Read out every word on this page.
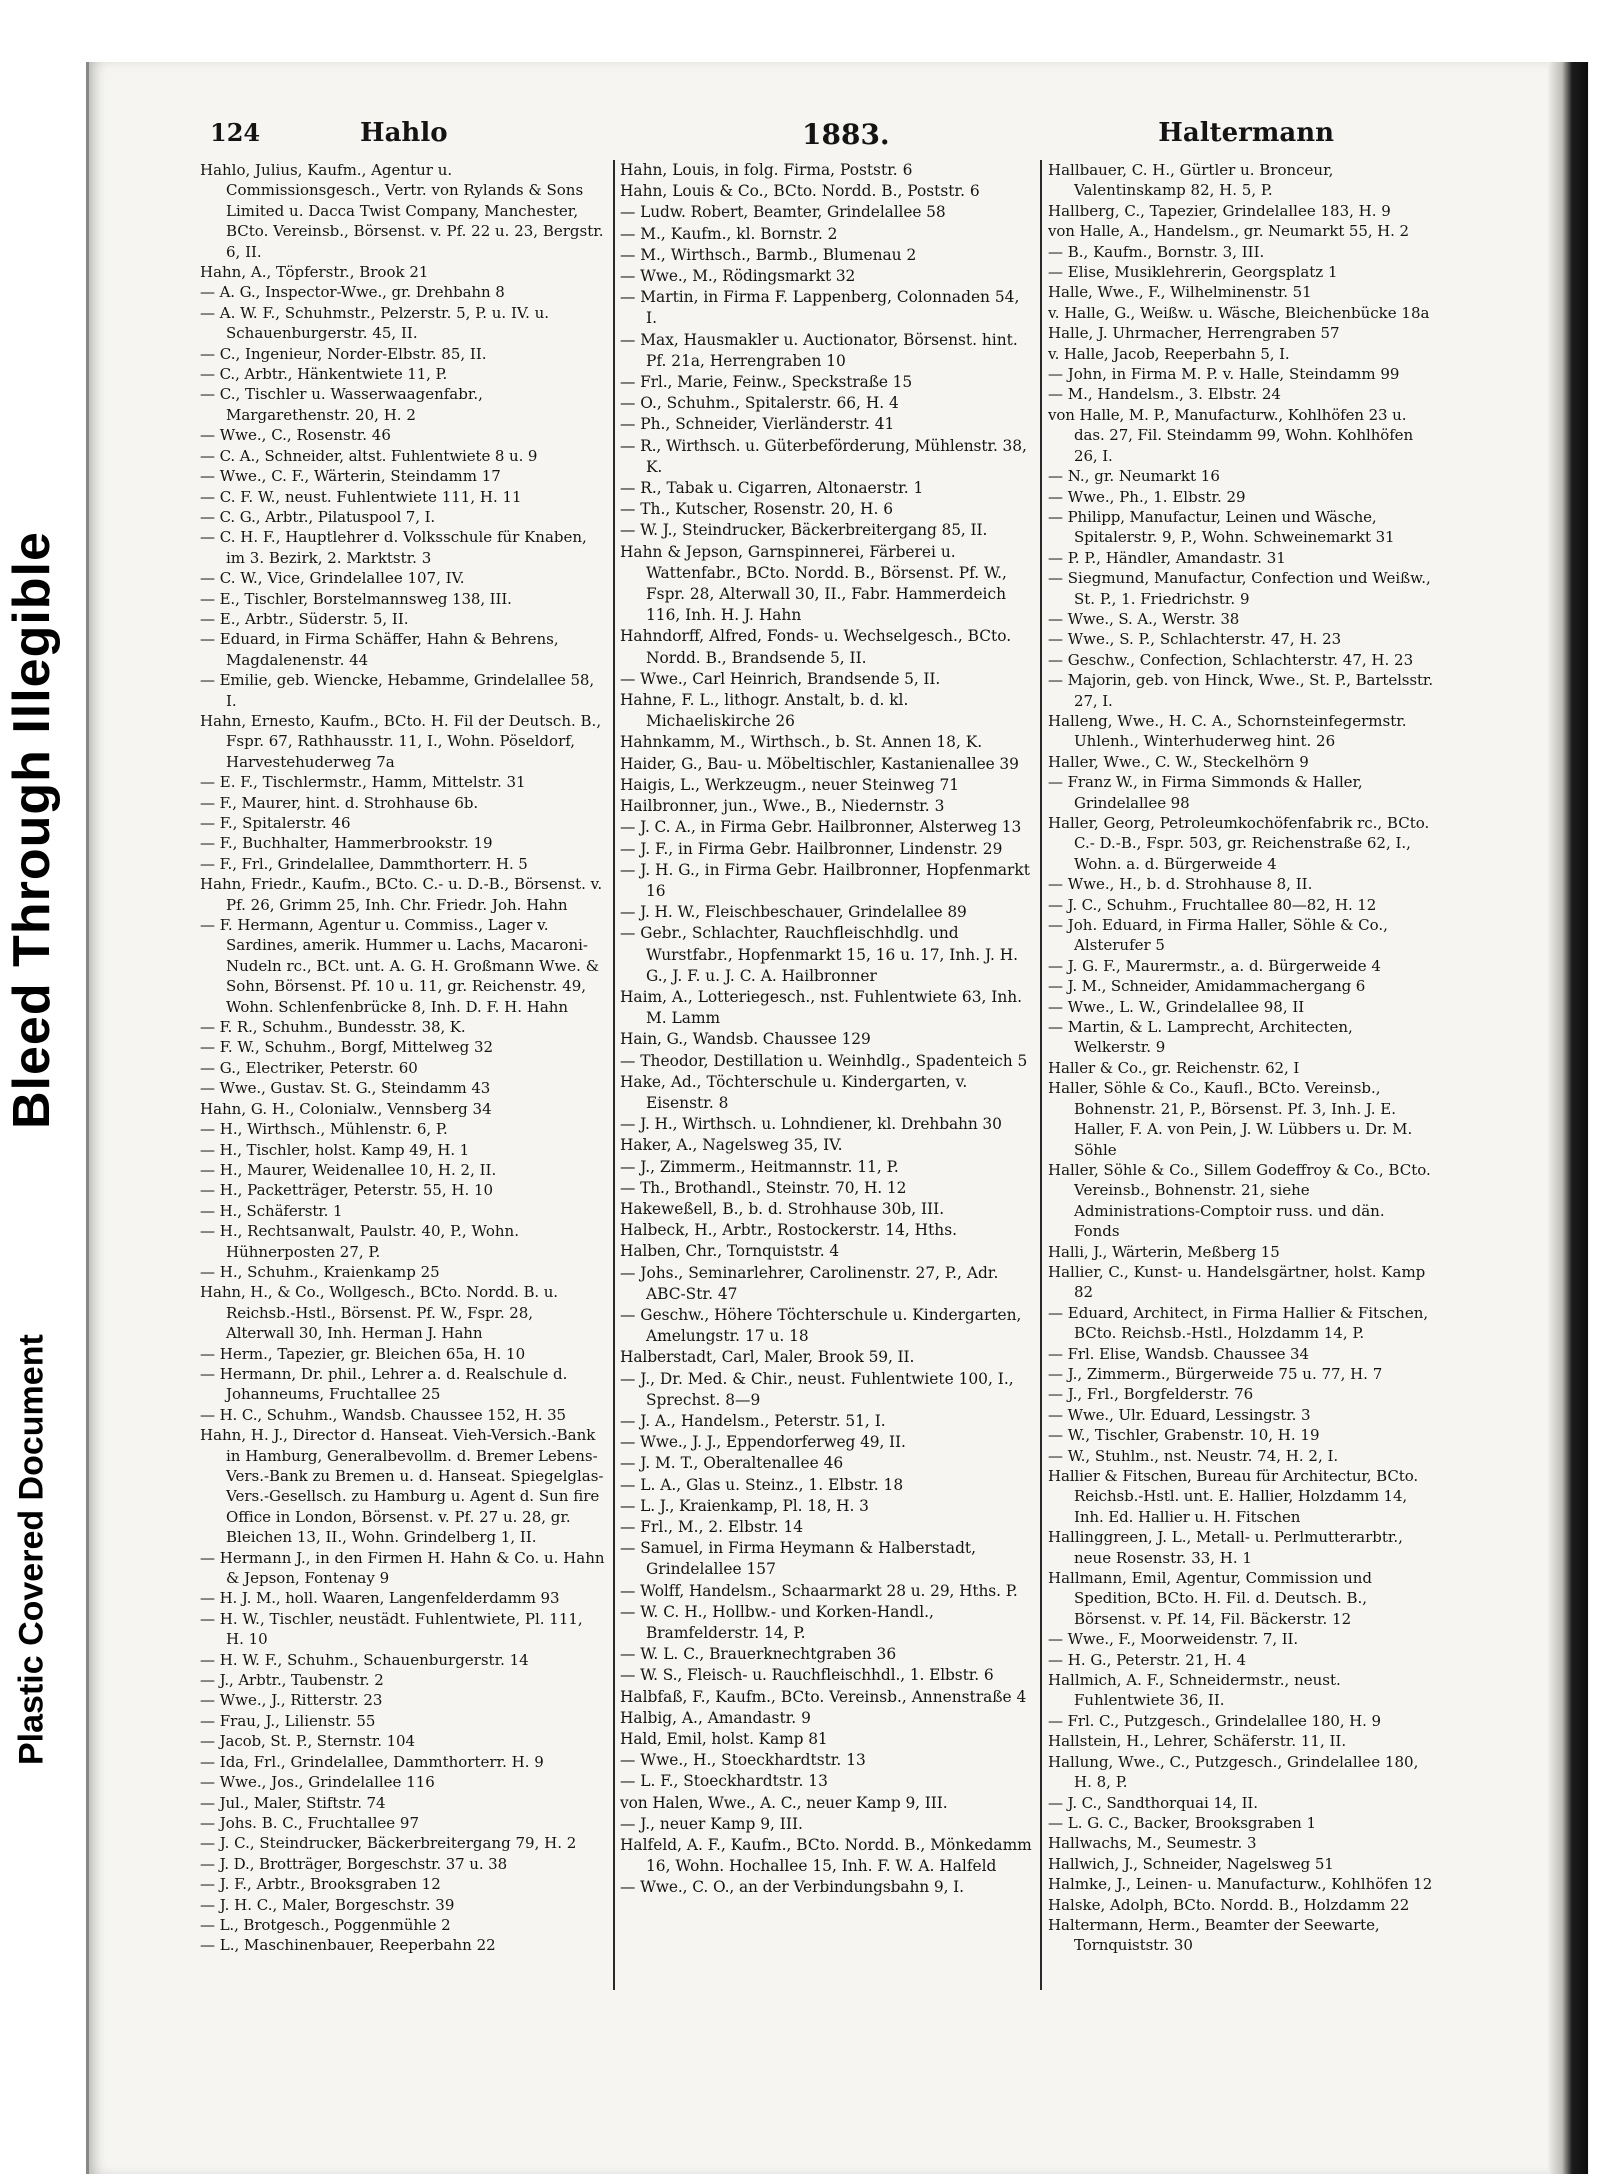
Plastic Covered Document
Bleed Through Illegible
124	Hahlo	1883.	Haltermann
Hahlo, Julius, Kaufm., Agentur u. Commissionsgesch., Vertr. von Rylands & Sons Limited u. Dacca Twist Company, Manchester, BCto. Vereinsb., Börsenst. v. Pf. 22 u. 23, Bergstr. 6, II.
Hahn, A., Töpferstr., Brook 21
— A. G., Inspector-Wwe., gr. Drehbahn 8
— A. W. F., Schuhmstr., Pelzerstr. 5, P. u. IV. u. Schauenburgerstr. 45, II.
— C., Ingenieur, Norder-Elbstr. 85, II.
— C., Arbtr., Hänkentwiete 11, P.
— C., Tischler u. Wasserwaagenfabr., Margarethenstr. 20, H. 2
— Wwe., C., Rosenstr. 46
— C. A., Schneider, altst. Fuhlentwiete 8 u. 9
— Wwe., C. F., Wärterin, Steindamm 17
— C. F. W., neust. Fuhlentwiete 111, H. 11
— C. G., Arbtr., Pilatuspool 7, I.
— C. H. F., Hauptlehrer d. Volksschule für Knaben, im 3. Bezirk, 2. Marktstr. 3
— C. W., Vice, Grindelallee 107, IV.
— E., Tischler, Borstelmannsweg 138, III.
— E., Arbtr., Süderstr. 5, II.
— Eduard, in Firma Schäffer, Hahn & Behrens, Magdalenenstr. 44
— Emilie, geb. Wiencke, Hebamme, Grindelallee 58, I.
Hahn, Ernesto, Kaufm., BCto. H. Fil der Deutsch. B., Fspr. 67, Rathhausstr. 11, I., Wohn. Pöseldorf, Harvestehuderweg 7a
— E. F., Tischlermstr., Hamm, Mittelstr. 31
— F., Maurer, hint. d. Strohhause 6b.
— F., Spitalerstr. 46
— F., Buchhalter, Hammerbrookstr. 19
— F., Frl., Grindelallee, Dammthorterr. H. 5
Hahn, Friedr., Kaufm., BCto. C.- u. D.-B., Börsenst. v. Pf. 26, Grimm 25, Inh. Chr. Friedr. Joh. Hahn
— F. Hermann, Agentur u. Commiss., Lager v. Sardines, amerik. Hummer u. Lachs, Macaroni-Nudeln rc., BCt. unt. A. G. H. Großmann Wwe. & Sohn, Börsenst. Pf. 10 u. 11, gr. Reichenstr. 49, Wohn. Schlenfenbrücke 8, Inh. D. F. H. Hahn
— F. R., Schuhm., Bundesstr. 38, K.
— F. W., Schuhm., Borgf, Mittelweg 32
— G., Electriker, Peterstr. 60
— Wwe., Gustav. St. G., Steindamm 43
Hahn, G. H., Colonialw., Vennsberg 34
— H., Wirthsch., Mühlenstr. 6, P.
— H., Tischler, holst. Kamp 49, H. 1
— H., Maurer, Weidenallee 10, H. 2, II.
— H., Packetträger, Peterstr. 55, H. 10
— H., Schäferstr. 1
— H., Rechtsanwalt, Paulstr. 40, P., Wohn. Hühnerposten 27, P.
— H., Schuhm., Kraienkamp 25
Hahn, H., & Co., Wollgesch., BCto. Nordd. B. u. Reichsb.-Hstl., Börsenst. Pf. W., Fspr. 28, Alterwall 30, Inh. Herman J. Hahn
— Herm., Tapezier, gr. Bleichen 65a, H. 10
— Hermann, Dr. phil., Lehrer a. d. Realschule d. Johanneums, Fruchtallee 25
— H. C., Schuhm., Wandsb. Chaussee 152, H. 35
Hahn, H. J., Director d. Hanseat. Vieh-Versich.-Bank in Hamburg, Generalbevollm. d. Bremer Lebens-Vers.-Bank zu Bremen u. d. Hanseat. Spiegelglas-Vers.-Gesellsch. zu Hamburg u. Agent d. Sun fire Office in London, Börsenst. v. Pf. 27 u. 28, gr. Bleichen 13, II., Wohn. Grindelberg 1, II.
— Hermann J., in den Firmen H. Hahn & Co. u. Hahn & Jepson, Fontenay 9
— H. J. M., holl. Waaren, Langenfelderdamm 93
— H. W., Tischler, neustädt. Fuhlentwiete, Pl. 111, H. 10
— H. W. F., Schuhm., Schauenburgerstr. 14
— J., Arbtr., Taubenstr. 2
— Wwe., J., Ritterstr. 23
— Frau, J., Lilienstr. 55
— Jacob, St. P., Sternstr. 104
— Ida, Frl., Grindelallee, Dammthorterr. H. 9
— Wwe., Jos., Grindelallee 116
— Jul., Maler, Stiftstr. 74
— Johs. B. C., Fruchtallee 97
— J. C., Steindrucker, Bäckerbreitergang 79, H. 2
— J. D., Brotträger, Borgeschstr. 37 u. 38
— J. F., Arbtr., Brooksgraben 12
— J. H. C., Maler, Borgeschstr. 39
— L., Brotgesch., Poggenmühle 2
— L., Maschinenbauer, Reeperbahn 22
Hahn, Louis, in folg. Firma, Poststr. 6
Hahn, Louis & Co., BCto. Nordd. B., Poststr. 6
— Ludw. Robert, Beamter, Grindelallee 58
— M., Kaufm., kl. Bornstr. 2
— M., Wirthsch., Barmb., Blumenau 2
— Wwe., M., Rödingsmarkt 32
— Martin, in Firma F. Lappenberg, Colonnaden 54, I.
— Max, Hausmakler u. Auctionator, Börsenst. hint. Pf. 21a, Herrengraben 10
— Frl., Marie, Feinw., Speckstraße 15
— O., Schuhm., Spitalerstr. 66, H. 4
— Ph., Schneider, Vierländerstr. 41
— R., Wirthsch. u. Güterbeförderung, Mühlenstr. 38, K.
— R., Tabak u. Cigarren, Altonaerstr. 1
— Th., Kutscher, Rosenstr. 20, H. 6
— W. J., Steindrucker, Bäckerbreitergang 85, II.
Hahn & Jepson, Garnspinnerei, Färberei u. Wattenfabr., BCto. Nordd. B., Börsenst. Pf. W., Fspr. 28, Alterwall 30, II., Fabr. Hammerdeich 116, Inh. H. J. Hahn
Hahndorff, Alfred, Fonds- u. Wechselgesch., BCto. Nordd. B., Brandsende 5, II.
— Wwe., Carl Heinrich, Brandsende 5, II.
Hahne, F. L., lithogr. Anstalt, b. d. kl. Michaeliskirche 26
Hahnkamm, M., Wirthsch., b. St. Annen 18, K.
Haider, G., Bau- u. Möbeltischler, Kastanienallee 39
Haigis, L., Werkzeugm., neuer Steinweg 71
Hailbronner, jun., Wwe., B., Niedernstr. 3
— J. C. A., in Firma Gebr. Hailbronner, Alsterweg 13
— J. F., in Firma Gebr. Hailbronner, Lindenstr. 29
— J. H. G., in Firma Gebr. Hailbronner, Hopfenmarkt 16
— J. H. W., Fleischbeschauer, Grindelallee 89
— Gebr., Schlachter, Rauchfleischhdlg. und Wurstfabr., Hopfenmarkt 15, 16 u. 17, Inh. J. H. G., J. F. u. J. C. A. Hailbronner
Haim, A., Lotteriegesch., nst. Fuhlentwiete 63, Inh. M. Lamm
Hain, G., Wandsb. Chaussee 129
— Theodor, Destillation u. Weinhdlg., Spadenteich 5
Hake, Ad., Töchterschule u. Kindergarten, v. Eisenstr. 8
— J. H., Wirthsch. u. Lohndiener, kl. Drehbahn 30
Haker, A., Nagelsweg 35, IV.
— J., Zimmerm., Heitmannstr. 11, P.
— Th., Brothandl., Steinstr. 70, H. 12
Hakeweßell, B., b. d. Strohhause 30b, III.
Halbeck, H., Arbtr., Rostockerstr. 14, Hths.
Halben, Chr., Tornquiststr. 4
— Johs., Seminarlehrer, Carolinenstr. 27, P., Adr. ABC-Str. 47
— Geschw., Höhere Töchterschule u. Kindergarten, Amelungstr. 17 u. 18
Halberstadt, Carl, Maler, Brook 59, II.
— J., Dr. Med. & Chir., neust. Fuhlentwiete 100, I., Sprechst. 8—9
— J. A., Handelsm., Peterstr. 51, I.
— Wwe., J. J., Eppendorferweg 49, II.
— J. M. T., Oberaltenallee 46
— L. A., Glas u. Steinz., 1. Elbstr. 18
— L. J., Kraienkamp, Pl. 18, H. 3
— Frl., M., 2. Elbstr. 14
— Samuel, in Firma Heymann & Halberstadt, Grindelallee 157
— Wolff, Handelsm., Schaarmarkt 28 u. 29, Hths. P.
— W. C. H., Hollbw.- und Korken-Handl., Bramfelderstr. 14, P.
— W. L. C., Brauerknechtgraben 36
— W. S., Fleisch- u. Rauchfleischhdl., 1. Elbstr. 6
Halbfaß, F., Kaufm., BCto. Vereinsb., Annenstraße 4
Halbig, A., Amandastr. 9
Hald, Emil, holst. Kamp 81
— Wwe., H., Stoeckhardtstr. 13
— L. F., Stoeckhardtstr. 13
von Halen, Wwe., A. C., neuer Kamp 9, III.
— J., neuer Kamp 9, III.
Halfeld, A. F., Kaufm., BCto. Nordd. B., Mönkedamm 16, Wohn. Hochallee 15, Inh. F. W. A. Halfeld
— Wwe., C. O., an der Verbindungsbahn 9, I.
Hallbauer, C. H., Gürtler u. Bronceur, Valentinskamp 82, H. 5, P.
Hallberg, C., Tapezier, Grindelallee 183, H. 9
von Halle, A., Handelsm., gr. Neumarkt 55, H. 2
— B., Kaufm., Bornstr. 3, III.
— Elise, Musiklehrerin, Georgsplatz 1
Halle, Wwe., F., Wilhelminenstr. 51
v. Halle, G., Weißw. u. Wäsche, Bleichenbücke 18a
Halle, J. Uhrmacher, Herrengraben 57
v. Halle, Jacob, Reeperbahn 5, I.
— John, in Firma M. P. v. Halle, Steindamm 99
— M., Handelsm., 3. Elbstr. 24
von Halle, M. P., Manufacturw., Kohlhöfen 23 u. das. 27, Fil. Steindamm 99, Wohn. Kohlhöfen 26, I.
— N., gr. Neumarkt 16
— Wwe., Ph., 1. Elbstr. 29
— Philipp, Manufactur, Leinen und Wäsche, Spitalerstr. 9, P., Wohn. Schweinemarkt 31
— P. P., Händler, Amandastr. 31
— Siegmund, Manufactur, Confection und Weißw., St. P., 1. Friedrichstr. 9
— Wwe., S. A., Werstr. 38
— Wwe., S. P., Schlachterstr. 47, H. 23
— Geschw., Confection, Schlachterstr. 47, H. 23
— Majorin, geb. von Hinck, Wwe., St. P., Bartelsstr. 27, I.
Halleng, Wwe., H. C. A., Schornsteinfegermstr. Uhlenh., Winterhuderweg hint. 26
Haller, Wwe., C. W., Steckelhörn 9
— Franz W., in Firma Simmonds & Haller, Grindelallee 98
Haller, Georg, Petroleumkochöfenfabrik rc., BCto. C.- D.-B., Fspr. 503, gr. Reichenstraße 62, I., Wohn. a. d. Bürgerweide 4
— Wwe., H., b. d. Strohhause 8, II.
— J. C., Schuhm., Fruchtallee 80—82, H. 12
— Joh. Eduard, in Firma Haller, Söhle & Co., Alsterufer 5
— J. G. F., Maurermstr., a. d. Bürgerweide 4
— J. M., Schneider, Amidammachergang 6
— Wwe., L. W., Grindelallee 98, II
— Martin, & L. Lamprecht, Architecten, Welkerstr. 9
Haller & Co., gr. Reichenstr. 62, I
Haller, Söhle & Co., Kaufl., BCto. Vereinsb., Bohnenstr. 21, P., Börsenst. Pf. 3, Inh. J. E. Haller, F. A. von Pein, J. W. Lübbers u. Dr. M. Söhle
Haller, Söhle & Co., Sillem Godeffroy & Co., BCto. Vereinsb., Bohnenstr. 21, siehe Administrations-Comptoir russ. und dän. Fonds
Halli, J., Wärterin, Meßberg 15
Hallier, C., Kunst- u. Handelsgärtner, holst. Kamp 82
— Eduard, Architect, in Firma Hallier & Fitschen, BCto. Reichsb.-Hstl., Holzdamm 14, P.
— Frl. Elise, Wandsb. Chaussee 34
— J., Zimmerm., Bürgerweide 75 u. 77, H. 7
— J., Frl., Borgfelderstr. 76
— Wwe., Ulr. Eduard, Lessingstr. 3
— W., Tischler, Grabenstr. 10, H. 19
— W., Stuhlm., nst. Neustr. 74, H. 2, I.
Hallier & Fitschen, Bureau für Architectur, BCto. Reichsb.-Hstl. unt. E. Hallier, Holzdamm 14, Inh. Ed. Hallier u. H. Fitschen
Hallinggreen, J. L., Metall- u. Perlmutterarbtr., neue Rosenstr. 33, H. 1
Hallmann, Emil, Agentur, Commission und Spedition, BCto. H. Fil. d. Deutsch. B., Börsenst. v. Pf. 14, Fil. Bäckerstr. 12
— Wwe., F., Moorweidenstr. 7, II.
— H. G., Peterstr. 21, H. 4
Hallmich, A. F., Schneidermstr., neust. Fuhlentwiete 36, II.
— Frl. C., Putzgesch., Grindelallee 180, H. 9
Hallstein, H., Lehrer, Schäferstr. 11, II.
Hallung, Wwe., C., Putzgesch., Grindelallee 180, H. 8, P.
— J. C., Sandthorquai 14, II.
— L. G. C., Backer, Brooksgraben 1
Hallwachs, M., Seumestr. 3
Hallwich, J., Schneider, Nagelsweg 51
Halmke, J., Leinen- u. Manufacturw., Kohlhöfen 12
Halske, Adolph, BCto. Nordd. B., Holzdamm 22
Haltermann, Herm., Beamter der Seewarte, Tornquiststr. 30
